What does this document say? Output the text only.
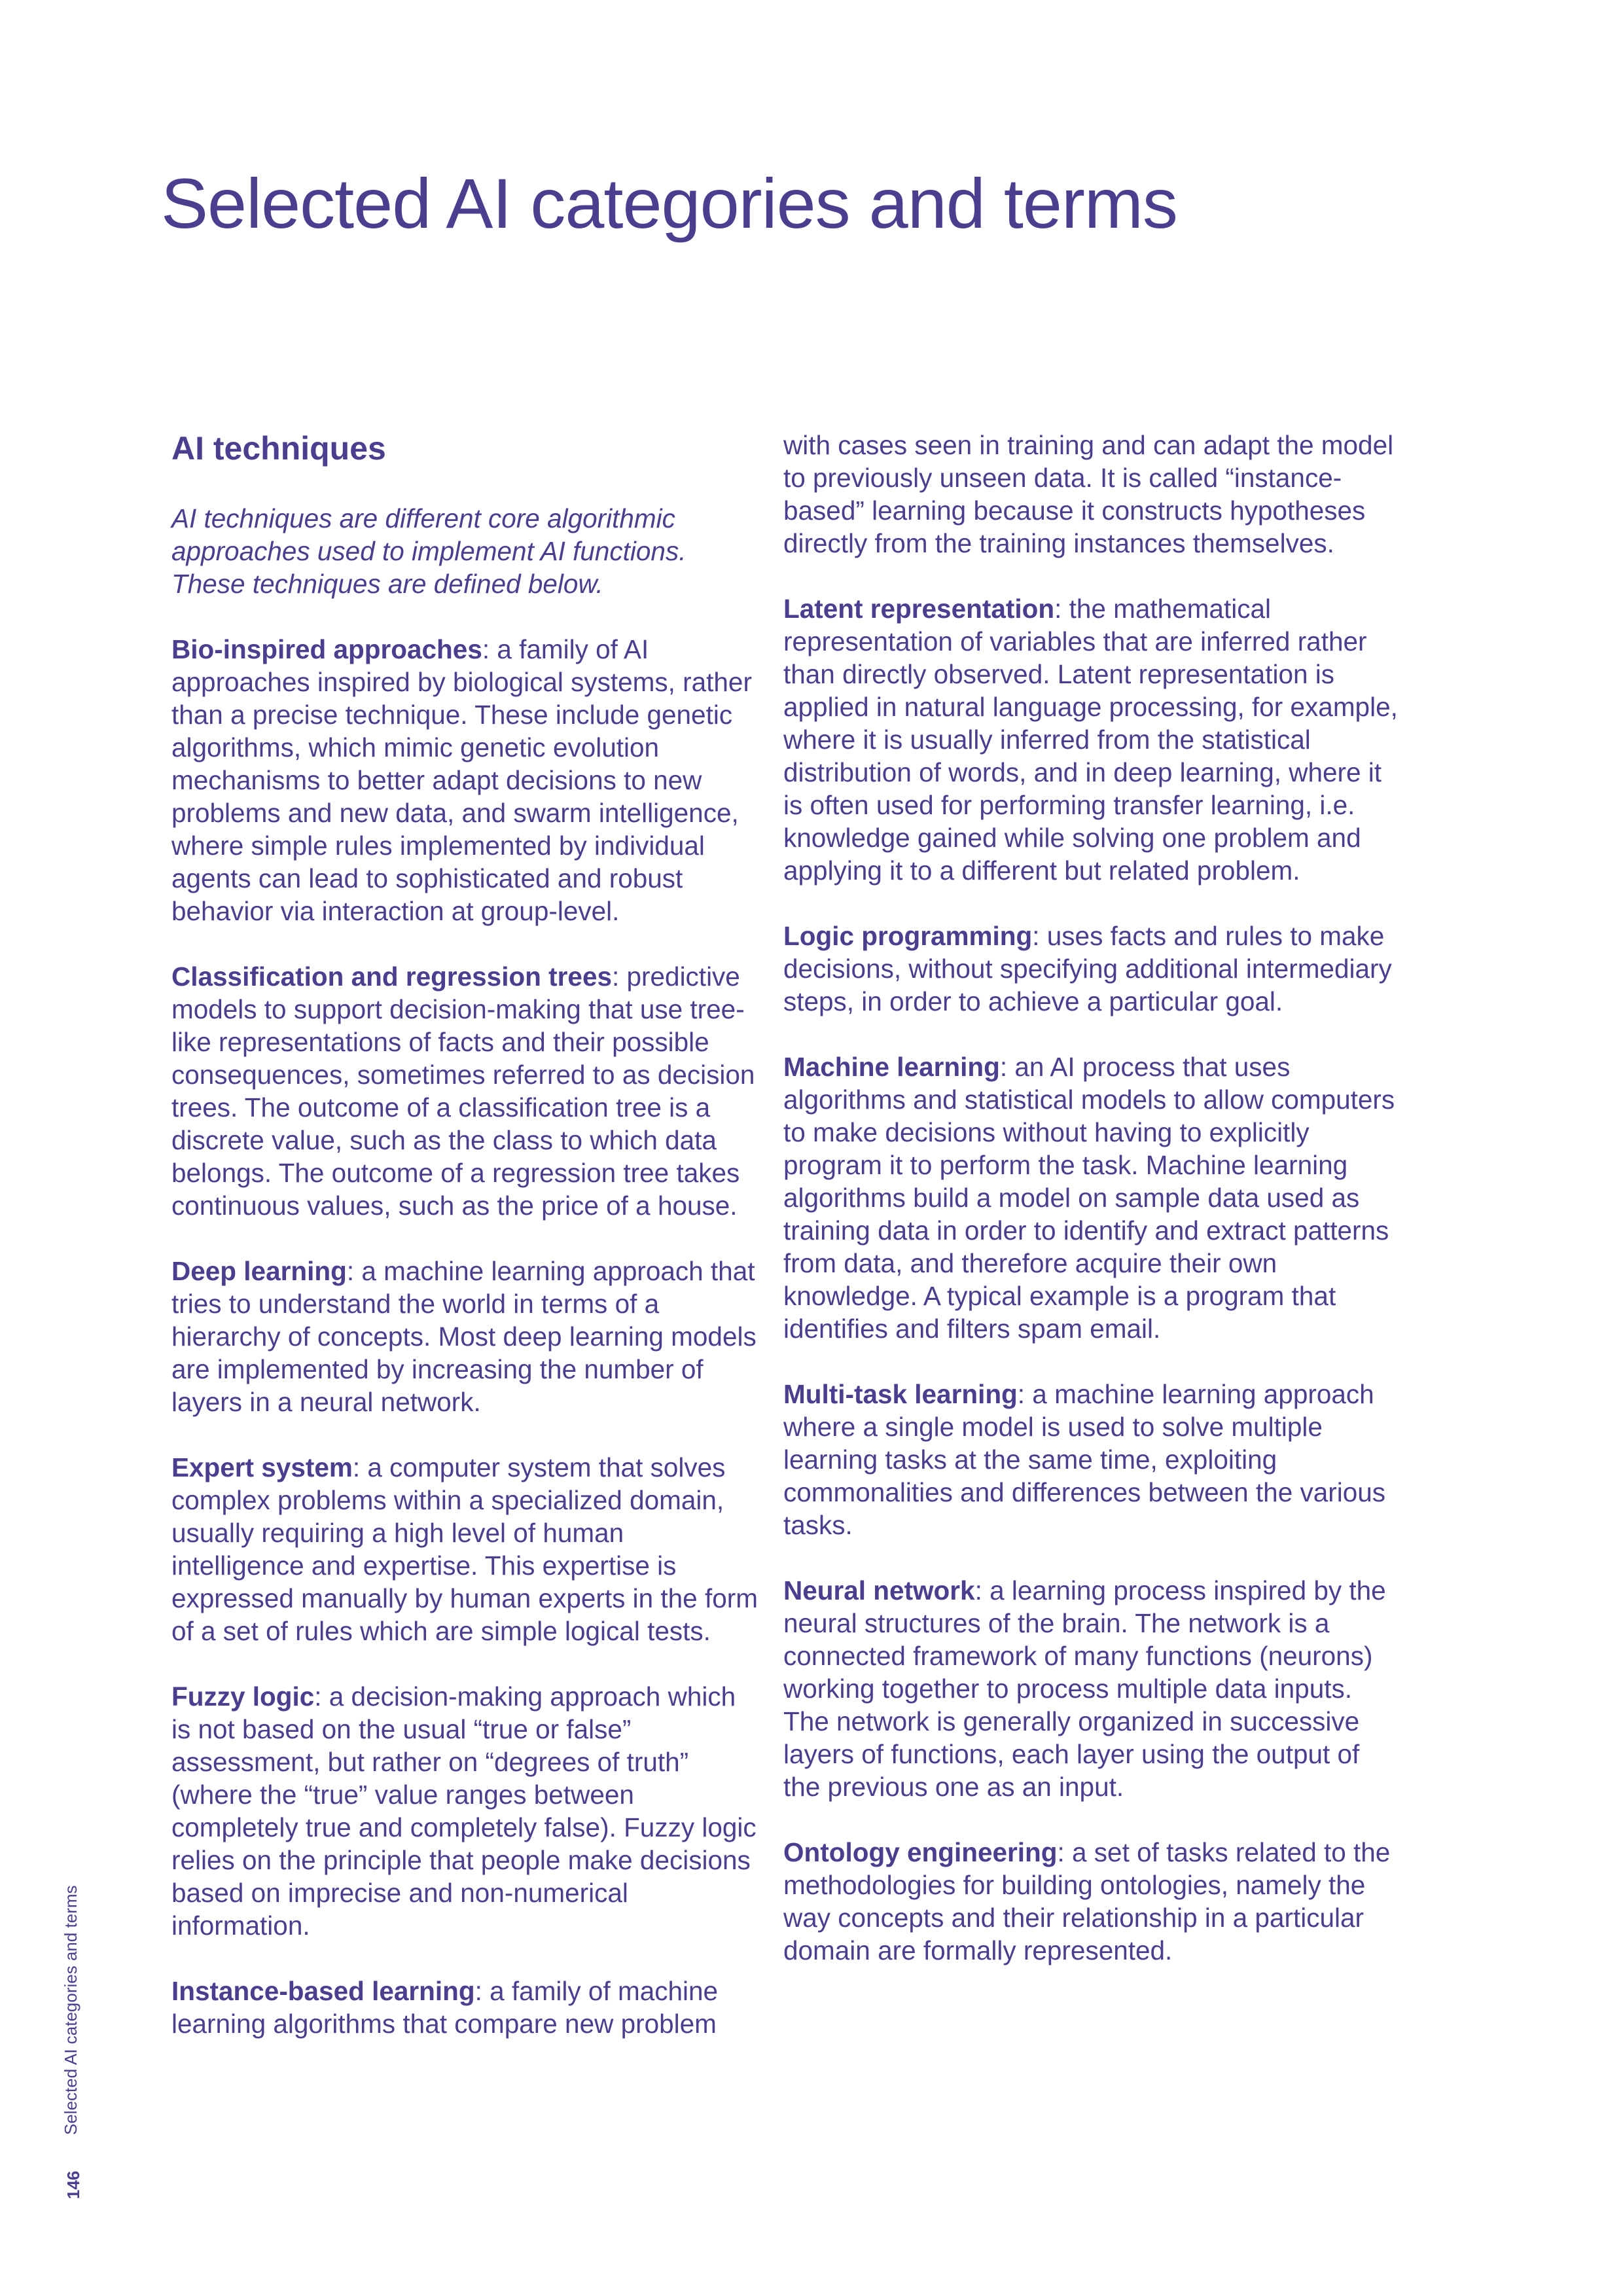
Selected AI categories and terms
AI techniques

AI techniques are different core algorithmic approaches used to implement AI functions. These techniques are defined below.

Bio-inspired approaches: a family of AI approaches inspired by biological systems, rather than a precise technique. These include genetic algorithms, which mimic genetic evolution mechanisms to better adapt decisions to new problems and new data, and swarm intelligence, where simple rules implemented by individual agents can lead to sophisticated and robust behavior via interaction at group-level.

Classification and regression trees: predictive models to support decision-making that use tree-like representations of facts and their possible consequences, sometimes referred to as decision trees. The outcome of a classification tree is a discrete value, such as the class to which data belongs. The outcome of a regression tree takes continuous values, such as the price of a house.

Deep learning: a machine learning approach that tries to understand the world in terms of a hierarchy of concepts. Most deep learning models are implemented by increasing the number of layers in a neural network.

Expert system: a computer system that solves complex problems within a specialized domain, usually requiring a high level of human intelligence and expertise. This expertise is expressed manually by human experts in the form of a set of rules which are simple logical tests.

Fuzzy logic: a decision-making approach which is not based on the usual “true or false” assessment, but rather on “degrees of truth” (where the “true” value ranges between completely true and completely false). Fuzzy logic relies on the principle that people make decisions based on imprecise and non-numerical information.

Instance-based learning: a family of machine learning algorithms that compare new problem

with cases seen in training and can adapt the model to previously unseen data. It is called “instance-based” learning because it constructs hypotheses directly from the training instances themselves.

Latent representation: the mathematical representation of variables that are inferred rather than directly observed. Latent representation is applied in natural language processing, for example, where it is usually inferred from the statistical distribution of words, and in deep learning, where it is often used for performing transfer learning, i.e. knowledge gained while solving one problem and applying it to a different but related problem.

Logic programming: uses facts and rules to make decisions, without specifying additional intermediary steps, in order to achieve a particular goal.

Machine learning: an AI process that uses algorithms and statistical models to allow computers to make decisions without having to explicitly program it to perform the task. Machine learning algorithms build a model on sample data used as training data in order to identify and extract patterns from data, and therefore acquire their own knowledge. A typical example is a program that identifies and filters spam email.

Multi-task learning: a machine learning approach where a single model is used to solve multiple learning tasks at the same time, exploiting commonalities and differences between the various tasks.

Neural network: a learning process inspired by the neural structures of the brain. The network is a connected framework of many functions (neurons) working together to process multiple data inputs. The network is generally organized in successive layers of functions, each layer using the output of the previous one as an input.

Ontology engineering: a set of tasks related to the methodologies for building ontologies, namely the way concepts and their relationship in a particular domain are formally represented.

Selected AI categories and terms
146
